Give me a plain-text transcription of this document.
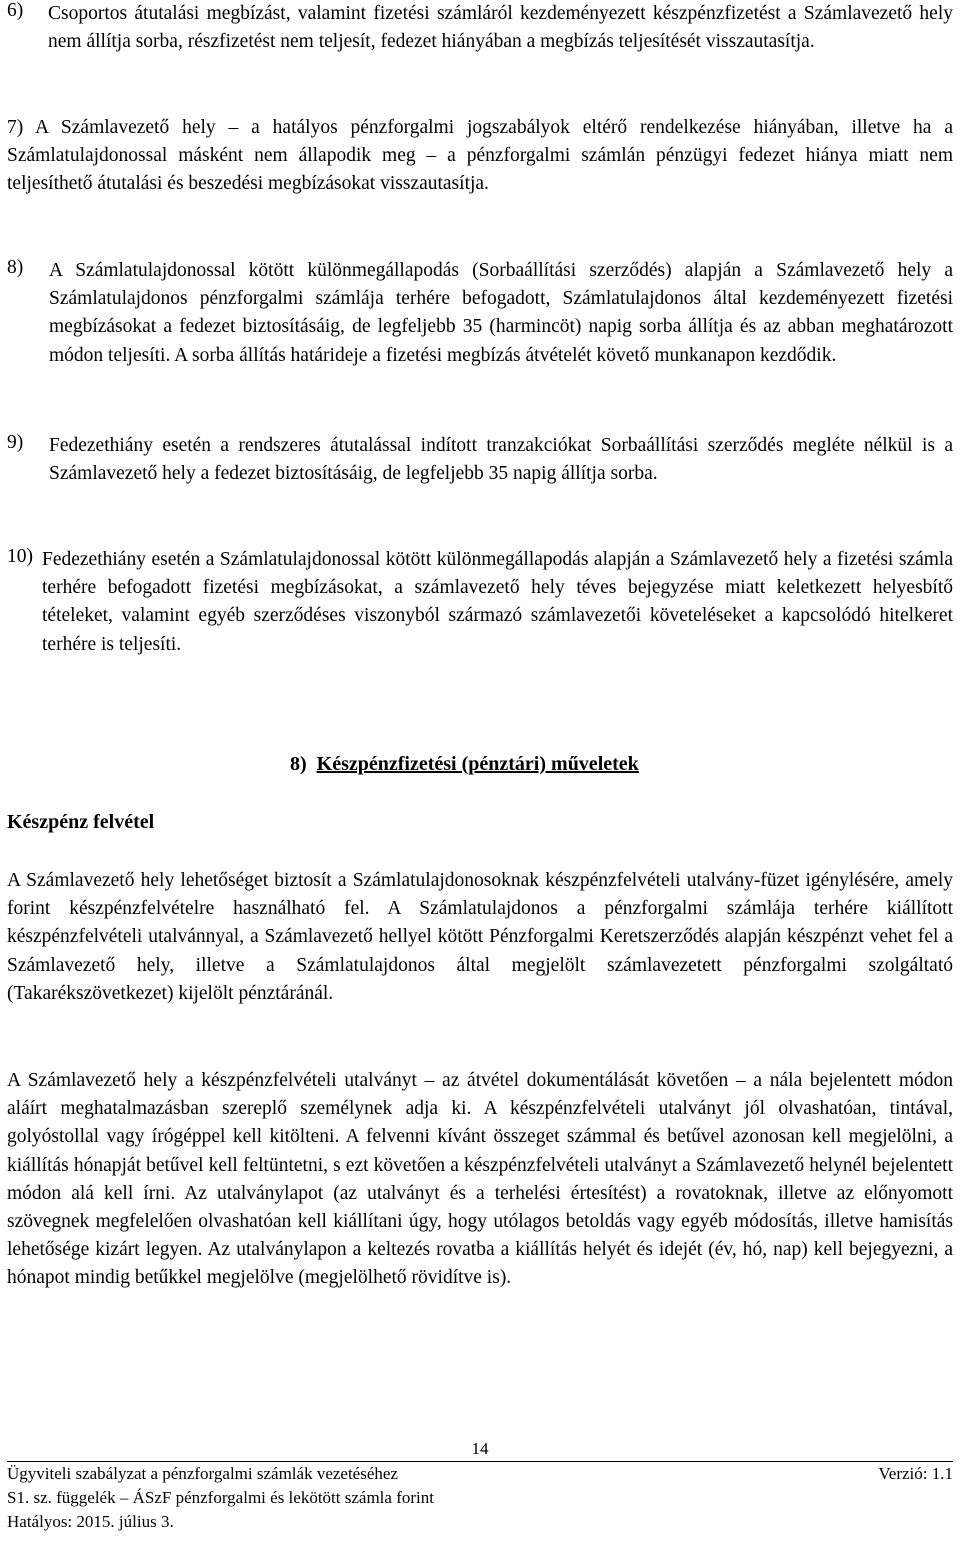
6)	Csoportos átutalási megbízást, valamint fizetési számláról kezdeményezett készpénzfizetést a Számlavezető hely nem állítja sorba, részfizetést nem teljesít, fedezet hiányában a megbízás teljesítését visszautasítja.
7) A Számlavezető hely – a hatályos pénzforgalmi jogszabályok eltérő rendelkezése hiányában, illetve ha a Számlatulajdonossal másként nem állapodik meg – a pénzforgalmi számlán pénzügyi fedezet hiánya miatt nem teljesíthető átutalási és beszedési megbízásokat visszautasítja.
8)	A Számlatulajdonossal kötött különmegállapodás (Sorbaállítási szerződés) alapján a Számlavezető hely a Számlatulajdonos pénzforgalmi számlája terhére befogadott, Számlatulajdonos által kezdeményezett fizetési megbízásokat a fedezet biztosításáig, de legfeljebb 35 (harmincöt) napig sorba állítja és az abban meghatározott módon teljesíti. A sorba állítás határideje a fizetési megbízás átvételét követő munkanapon kezdődik.
9)	Fedezethiány esetén a rendszeres átutalással indított tranzakciókat Sorbaállítási szerződés megléte nélkül is a Számlavezető hely a fedezet biztosításáig, de legfeljebb 35 napig állítja sorba.
10) Fedezethiány esetén a Számlatulajdonossal kötött különmegállapodás alapján a Számlavezető hely a fizetési számla terhére befogadott fizetési megbízásokat, a számlavezető hely téves bejegyzése miatt keletkezett helyesbítő tételeket, valamint egyéb szerződéses viszonyból származó számlavezetői követeléseket a kapcsolódó hitelkeret terhére is teljesíti.
8) Készpénzfizetési (pénztári) műveletek
Készpénz felvétel

A Számlavezető hely lehetőséget biztosít a Számlatulajdonosoknak készpénzfelvételi utalvány-füzet igénylésére, amely forint készpénzfelvételre használható fel. A Számlatulajdonos a pénzforgalmi számlája terhére kiállított készpénzfelvételi utalvánnyal, a Számlavezető hellyel kötött Pénzforgalmi Keretszerződés alapján készpénzt vehet fel a Számlavezető hely, illetve a Számlatulajdonos által megjelölt számlavezetett pénzforgalmi szolgáltató (Takarékszövetkezet) kijelölt pénztáránál.

A Számlavezető hely a készpénzfelvételi utalványt – az átvétel dokumentálását követően – a nála bejelentett módon aláírt meghatalmazásban szereplő személynek adja ki. A készpénzfelvételi utalványt jól olvashatóan, tintával, golyóstollal vagy írógéppel kell kitölteni. A felvenni kívánt összeget számmal és betűvel azonosan kell megjelölni, a kiállítás hónapját betűvel kell feltüntetni, s ezt követően a készpénzfelvételi utalványt a Számlavezető helynél bejelentett módon alá kell írni. Az utalványlapot (az utalványt és a terhelési értesítést) a rovatoknak, illetve az előnyomott szövegnek megfelelően olvashatóan kell kiállítani úgy, hogy utólagos betoldás vagy egyéb módosítás, illetve hamisítás lehetősége kizárt legyen. Az utalványlapon a keltezés rovatba a kiállítás helyét és idejét (év, hó, nap) kell bejegyezni, a hónapot mindig betűkkel megjelölve (megjelölhető rövidítve is).

14
Ügyviteli szabályzat a pénzforgalmi számlák vezetéséhez	Verzió: 1.1
S1. sz. függelék – ÁSzF pénzforgalmi és lekötött számla forint
Hatályos: 2015. július 3.
